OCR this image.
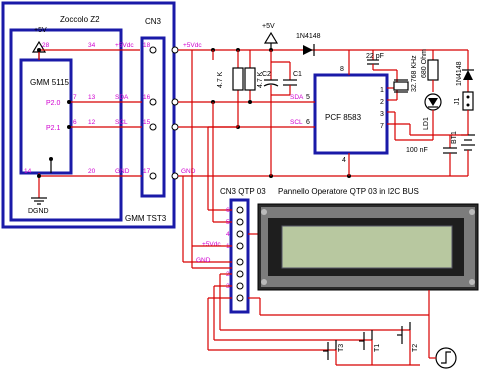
Zoccolo Z2
GMM 5115
GMM TST3
CN3
CN3 QTP 03 Pannello Operatore QTP 03 in I2C BUS
PCF 8583
+5V
28	34	+5Vdc 18
P2.0
7 13	SDA 16
P2.1
6 12	SCL 15
DGND
14	20	GND 17
+5Vdc
SDA
SCL
GND
+5V
4.7 K	4.7 K
C2	C1
1N4148
8
5
6
4
1
2
3
7
22 pF	32.768 KHz 680 Ohm
LD1
1N4148
J1
BT1
100 nF
+5Vdc
GND
6
5
4
1
2
3
T3	T1	T2
